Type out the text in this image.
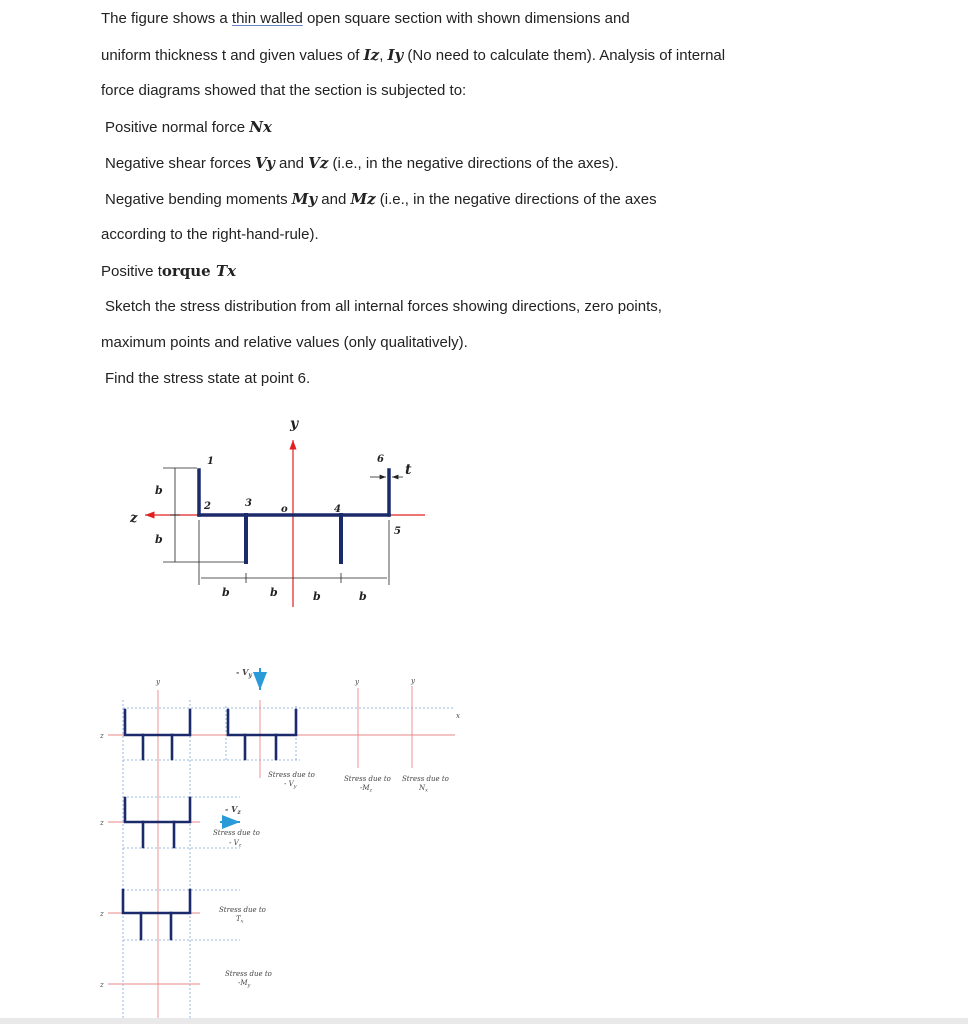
The figure shows a thin walled open square section with shown dimensions and
uniform thickness t and given values of Iz, Iy (No need to calculate them). Analysis of internal
force diagrams showed that the section is subjected to:
Positive normal force Nx
Negative shear forces Vy and Vz (i.e., in the negative directions of the axes).
Negative bending moments My and Mz (i.e., in the negative directions of the axes
according to the right-hand-rule).
Positive torque Tx
Sketch the stress distribution from all internal forces showing directions, zero points,
maximum points and relative values (only qualitatively).
Find the stress state at point 6.
y
z
1
2	3
o	4
5
6
t
b
b
b	b	b	b
- $V_y$
- $V_z$
y	y	y
x
z
z
z
z
Stress due to
- $V_y$
Stress due to
$-M_z$
Stress due to
$N_x$
Stress due to
- $V_z$
Stress due to
$T_x$
Stress due to
$-M_y$
